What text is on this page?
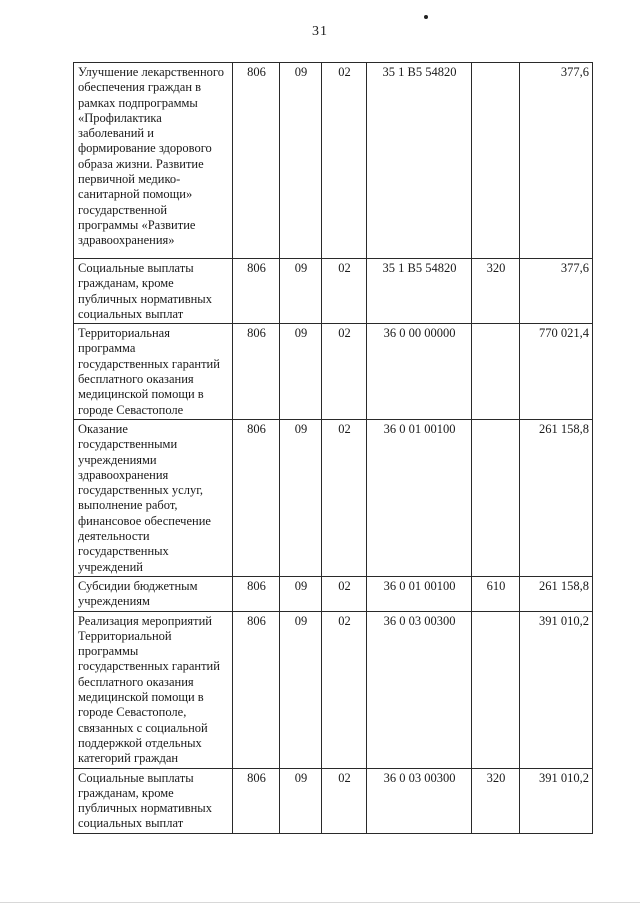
31
Улучшение лекарственного обеспечения граждан в рамках подпрограммы «Профилактика заболеваний и формирование здорового образа жизни. Развитие первичной медико-санитарной помощи» государственной программы «Развитие здравоохранения»	806	09	02	35 1 В5 54820		377,6
Социальные выплаты гражданам, кроме публичных нормативных социальных выплат	806	09	02	35 1 В5 54820	320	377,6
Территориальная программа государственных гарантий бесплатного оказания медицинской помощи в городе Севастополе	806	09	02	36 0 00 00000		770 021,4
Оказание государственными учреждениями здравоохранения государственных услуг, выполнение работ, финансовое обеспечение деятельности государственных учреждений	806	09	02	36 0 01 00100		261 158,8
Субсидии бюджетным учреждениям	806	09	02	36 0 01 00100	610	261 158,8
Реализация мероприятий Территориальной программы государственных гарантий бесплатного оказания медицинской помощи в городе Севастополе, связанных с социальной поддержкой отдельных категорий граждан	806	09	02	36 0 03 00300		391 010,2
Социальные выплаты гражданам, кроме публичных нормативных социальных выплат	806	09	02	36 0 03 00300	320	391 010,2
